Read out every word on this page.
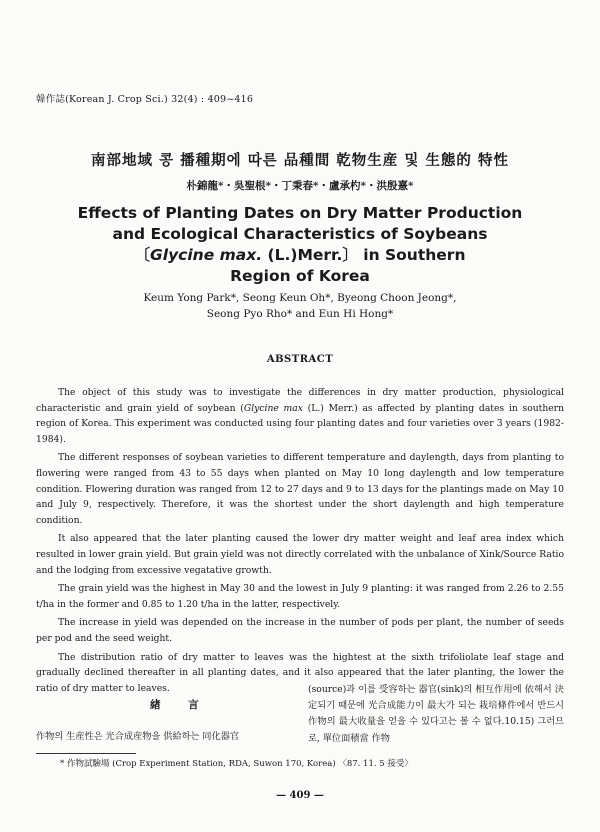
韓作誌(Korean J. Crop Sci.) 32(4) : 409~416
南部地域 콩 播種期에 따른 品種間 乾物生産 및 生態的 特性
朴錦龍*・吳聖根*・丁秉春*・盧承杓*・洪殷憙*
Effects of Planting Dates on Dry Matter Production
and Ecological Characteristics of Soybeans
〔Glycine max. (L.)Merr.〕 in Southern
Region of Korea
Keum Yong Park*, Seong Keun Oh*, Byeong Choon Jeong*,
Seong Pyo Rho* and Eun Hi Hong*
ABSTRACT

The object of this study was to investigate the differences in dry matter production, physiological characteristic and grain yield of soybean (Glycine max (L.) Merr.) as affected by planting dates in southern region of Korea. This experiment was conducted using four planting dates and four varieties over 3 years (1982-1984).

The different responses of soybean varieties to different temperature and daylength, days from planting to flowering were ranged from 43 to 55 days when planted on May 10 long daylength and low temperature condition. Flowering duration was ranged from 12 to 27 days and 9 to 13 days for the plantings made on May 10 and July 9, respectively. Therefore, it was the shortest under the short daylength and high temperature condition.

It also appeared that the later planting caused the lower dry matter weight and leaf area index which resulted in lower grain yield. But grain yield was not directly correlated with the unbalance of Xink/Source Ratio and the lodging from excessive vegatative growth.

The grain yield was the highest in May 30 and the lowest in July 9 planting: it was ranged from 2.26 to 2.55 t/ha in the former and 0.85 to 1.20 t/ha in the latter, respectively.

The increase in yield was depended on the increase in the number of pods per plant, the number of seeds per pod and the seed weight.

The distribution ratio of dry matter to leaves was the hightest at the sixth trifoliolate leaf stage and gradually declined thereafter in all planting dates, and it also appeared that the later planting, the lower the ratio of dry matter to leaves.

緖 言
作物의 生産性은 光合成産物을 供給하는 同化器官
(source)과 이를 受容하는 器官(sink)의 相互作用에 依해서 決定되기 때문에 光合成能力이 最大가 되는 栽培條件에서 반드시 作物의 最大收量을 얻을 수 있다고는 볼 수 없다.10.15) 그러므로, 單位面積當 作物
* 作物試驗場 (Crop Experiment Station, RDA, Suwon 170, Korea) 〈87. 11. 5 接受〉
— 409 —
